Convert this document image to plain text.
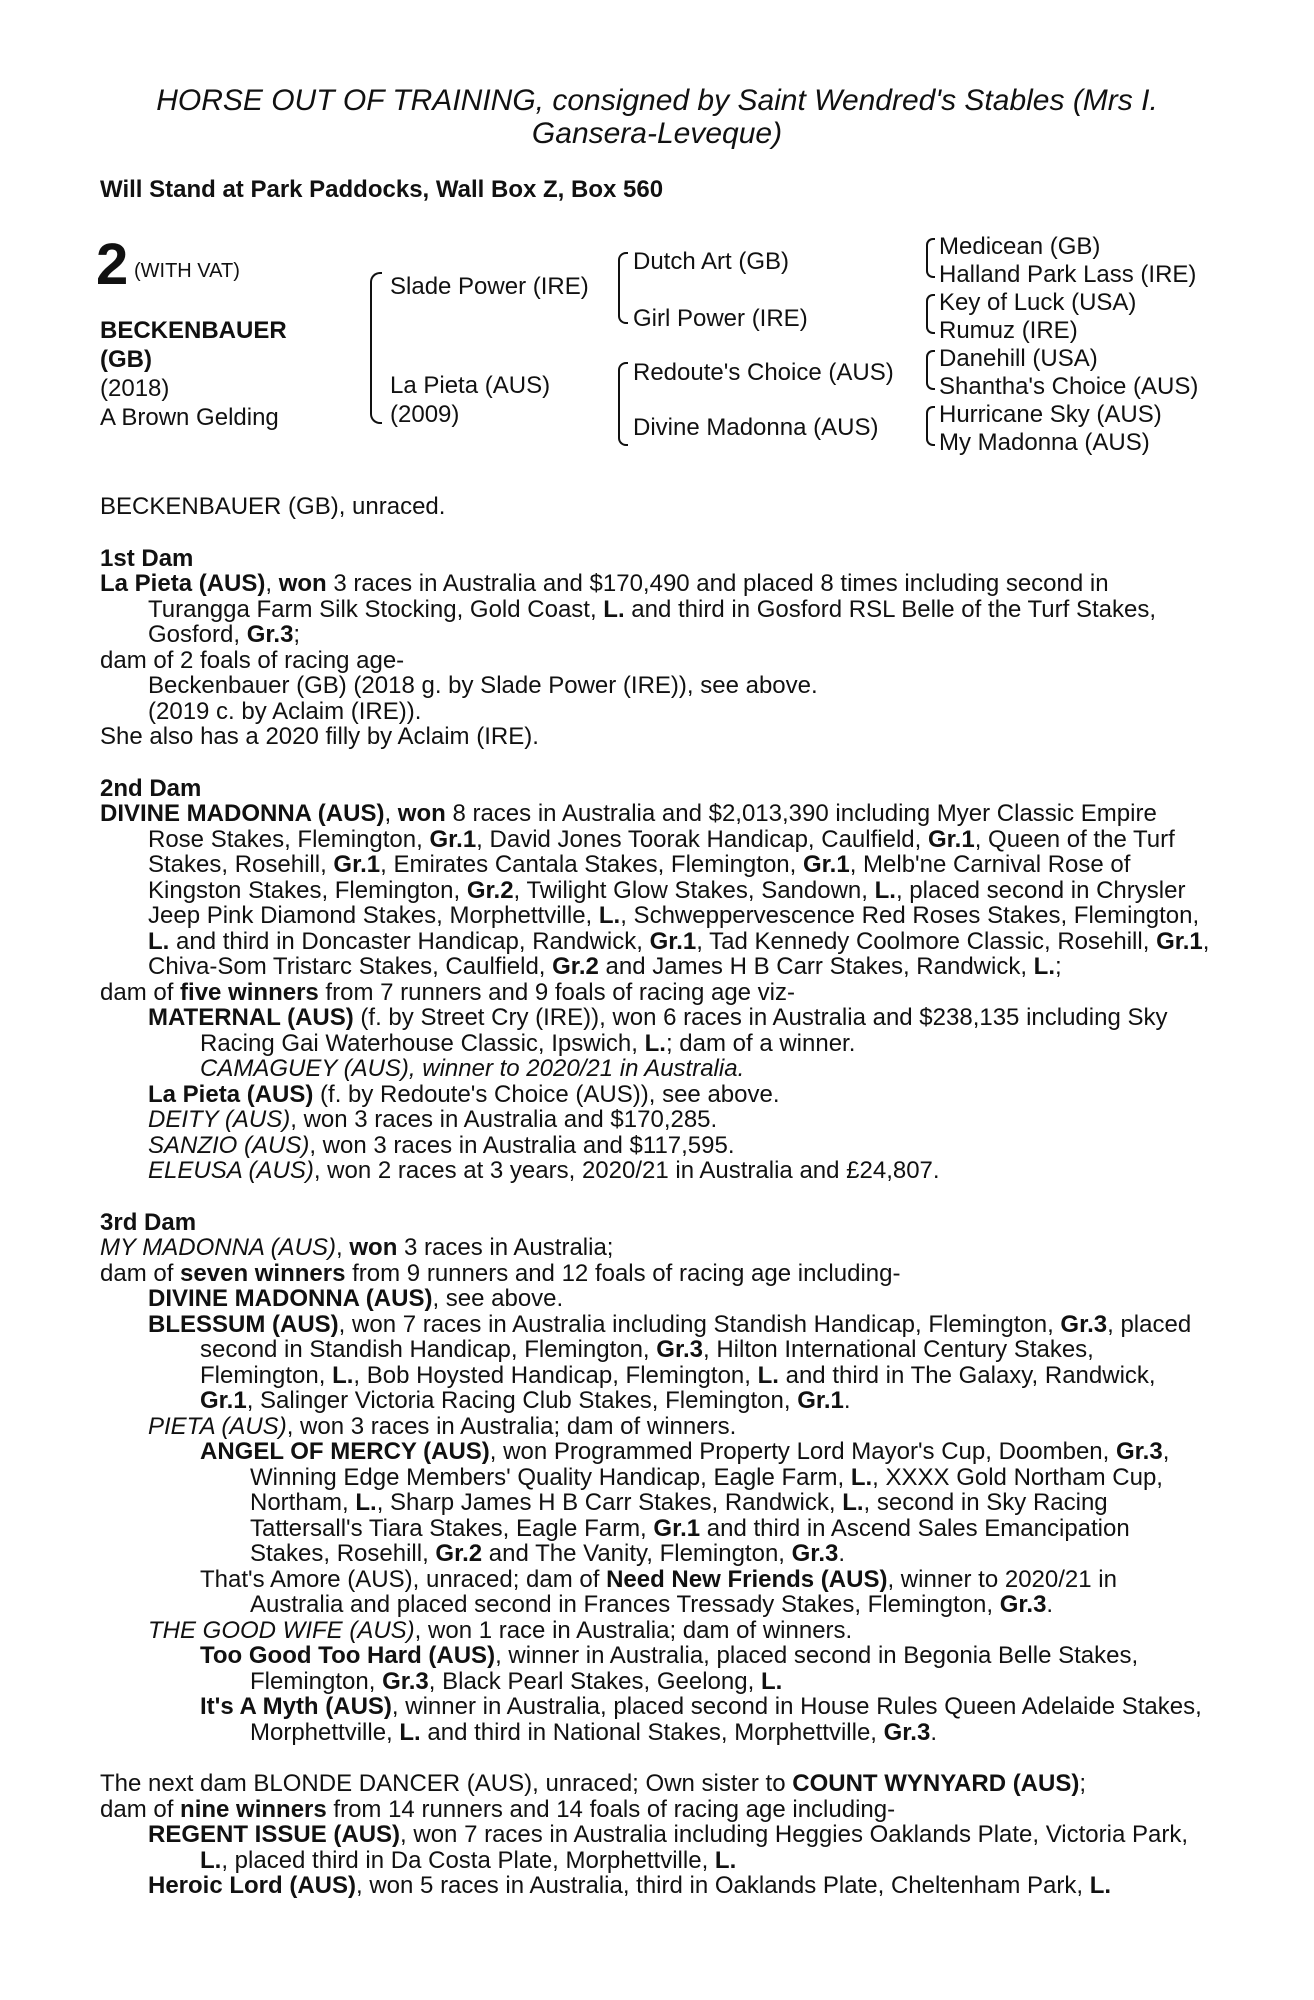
HORSE OUT OF TRAINING, consigned by Saint Wendred's Stables (Mrs I. Gansera-Leveque)
Will Stand at Park Paddocks, Wall Box Z, Box 560
2 (WITH VAT)
BECKENBAUER
(GB)
(2018)
A Brown Gelding
Slade Power (IRE)
La Pieta (AUS)
(2009)
Dutch Art (GB)
Girl Power (IRE)
Redoute's Choice (AUS)
Divine Madonna (AUS)
Medicean (GB)
Halland Park Lass (IRE)
Key of Luck (USA)
Rumuz (IRE)
Danehill (USA)
Shantha's Choice (AUS)
Hurricane Sky (AUS)
My Madonna (AUS)

BECKENBAUER (GB), unraced.

1st Dam

La Pieta (AUS), won 3 races in Australia and $170,490 and placed 8 times including second in Turangga Farm Silk Stocking, Gold Coast, L. and third in Gosford RSL Belle of the Turf Stakes, Gosford, Gr.3;

dam of 2 foals of racing age-

Beckenbauer (GB) (2018 g. by Slade Power (IRE)), see above.

(2019 c. by Aclaim (IRE)).

She also has a 2020 filly by Aclaim (IRE).

2nd Dam

DIVINE MADONNA (AUS), won 8 races in Australia and $2,013,390 including Myer Classic Empire Rose Stakes, Flemington, Gr.1, David Jones Toorak Handicap, Caulfield, Gr.1, Queen of the Turf Stakes, Rosehill, Gr.1, Emirates Cantala Stakes, Flemington, Gr.1, Melb'ne Carnival Rose of Kingston Stakes, Flemington, Gr.2, Twilight Glow Stakes, Sandown, L., placed second in Chrysler Jeep Pink Diamond Stakes, Morphettville, L., Schweppervescence Red Roses Stakes, Flemington, L. and third in Doncaster Handicap, Randwick, Gr.1, Tad Kennedy Coolmore Classic, Rosehill, Gr.1, Chiva-Som Tristarc Stakes, Caulfield, Gr.2 and James H B Carr Stakes, Randwick, L.;

dam of five winners from 7 runners and 9 foals of racing age viz-

MATERNAL (AUS) (f. by Street Cry (IRE)), won 6 races in Australia and $238,135 including Sky Racing Gai Waterhouse Classic, Ipswich, L.; dam of a winner.

CAMAGUEY (AUS), winner to 2020/21 in Australia.

La Pieta (AUS) (f. by Redoute's Choice (AUS)), see above.

DEITY (AUS), won 3 races in Australia and $170,285.

SANZIO (AUS), won 3 races in Australia and $117,595.

ELEUSA (AUS), won 2 races at 3 years, 2020/21 in Australia and £24,807.

3rd Dam

MY MADONNA (AUS), won 3 races in Australia;

dam of seven winners from 9 runners and 12 foals of racing age including-

DIVINE MADONNA (AUS), see above.

BLESSUM (AUS), won 7 races in Australia including Standish Handicap, Flemington, Gr.3, placed second in Standish Handicap, Flemington, Gr.3, Hilton International Century Stakes, Flemington, L., Bob Hoysted Handicap, Flemington, L. and third in The Galaxy, Randwick, Gr.1, Salinger Victoria Racing Club Stakes, Flemington, Gr.1.

PIETA (AUS), won 3 races in Australia; dam of winners.

ANGEL OF MERCY (AUS), won Programmed Property Lord Mayor's Cup, Doomben, Gr.3, Winning Edge Members' Quality Handicap, Eagle Farm, L., XXXX Gold Northam Cup, Northam, L., Sharp James H B Carr Stakes, Randwick, L., second in Sky Racing Tattersall's Tiara Stakes, Eagle Farm, Gr.1 and third in Ascend Sales Emancipation Stakes, Rosehill, Gr.2 and The Vanity, Flemington, Gr.3.

That's Amore (AUS), unraced; dam of Need New Friends (AUS), winner to 2020/21 in Australia and placed second in Frances Tressady Stakes, Flemington, Gr.3.

THE GOOD WIFE (AUS), won 1 race in Australia; dam of winners.

Too Good Too Hard (AUS), winner in Australia, placed second in Begonia Belle Stakes, Flemington, Gr.3, Black Pearl Stakes, Geelong, L.

It's A Myth (AUS), winner in Australia, placed second in House Rules Queen Adelaide Stakes, Morphettville, L. and third in National Stakes, Morphettville, Gr.3.

The next dam BLONDE DANCER (AUS), unraced; Own sister to COUNT WYNYARD (AUS);

dam of nine winners from 14 runners and 14 foals of racing age including-

REGENT ISSUE (AUS), won 7 races in Australia including Heggies Oaklands Plate, Victoria Park, L., placed third in Da Costa Plate, Morphettville, L.

Heroic Lord (AUS), won 5 races in Australia, third in Oaklands Plate, Cheltenham Park, L.
